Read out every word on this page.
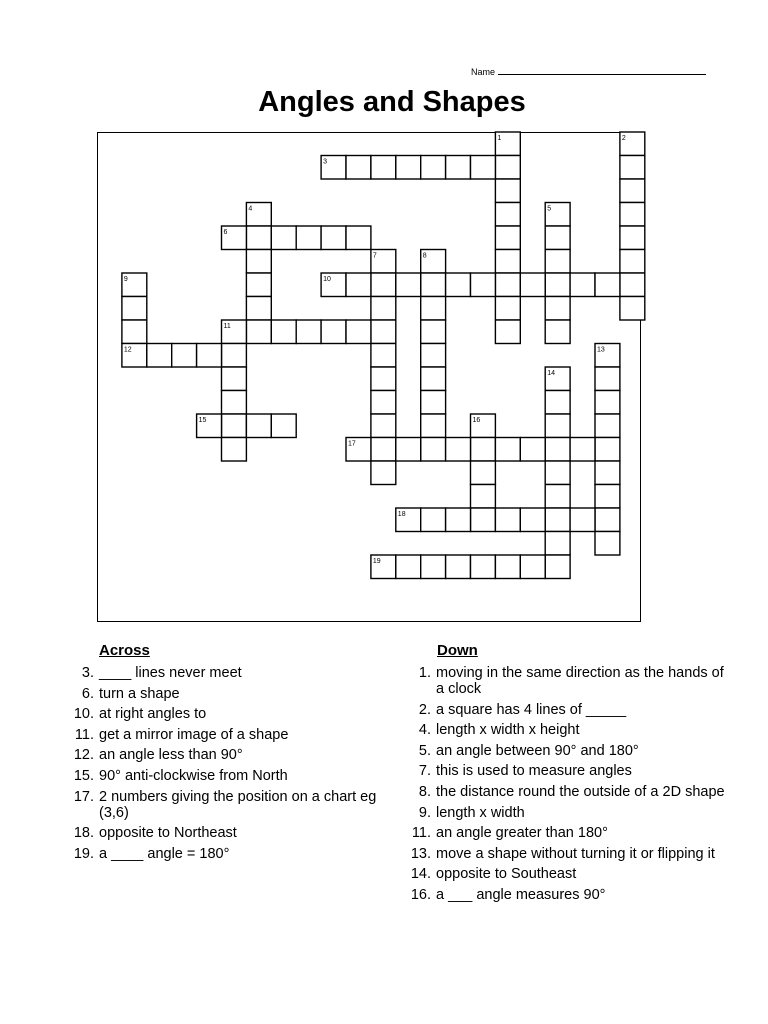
Name
Angles and Shapes
1	2
3
4	5
6
7	8
9	10
11
12	13
14
15	16
17
18
19
Across
3. ____ lines never meet
6. turn a shape
10. at right angles to
11. get a mirror image of a shape
12. an angle less than 90°
15. 90° anti-clockwise from North
17. 2 numbers giving the position on a chart eg (3,6)
18. opposite to Northeast
19. a ____ angle = 180°
Down
1. moving in the same direction as the hands of a clock
2. a square has 4 lines of _____
4. length x width x height
5. an angle between 90° and 180°
7. this is used to measure angles
8. the distance round the outside of a 2D shape
9. length x width
11. an angle greater than 180°
13. move a shape without turning it or flipping it
14. opposite to Southeast
16. a ___ angle measures 90°
